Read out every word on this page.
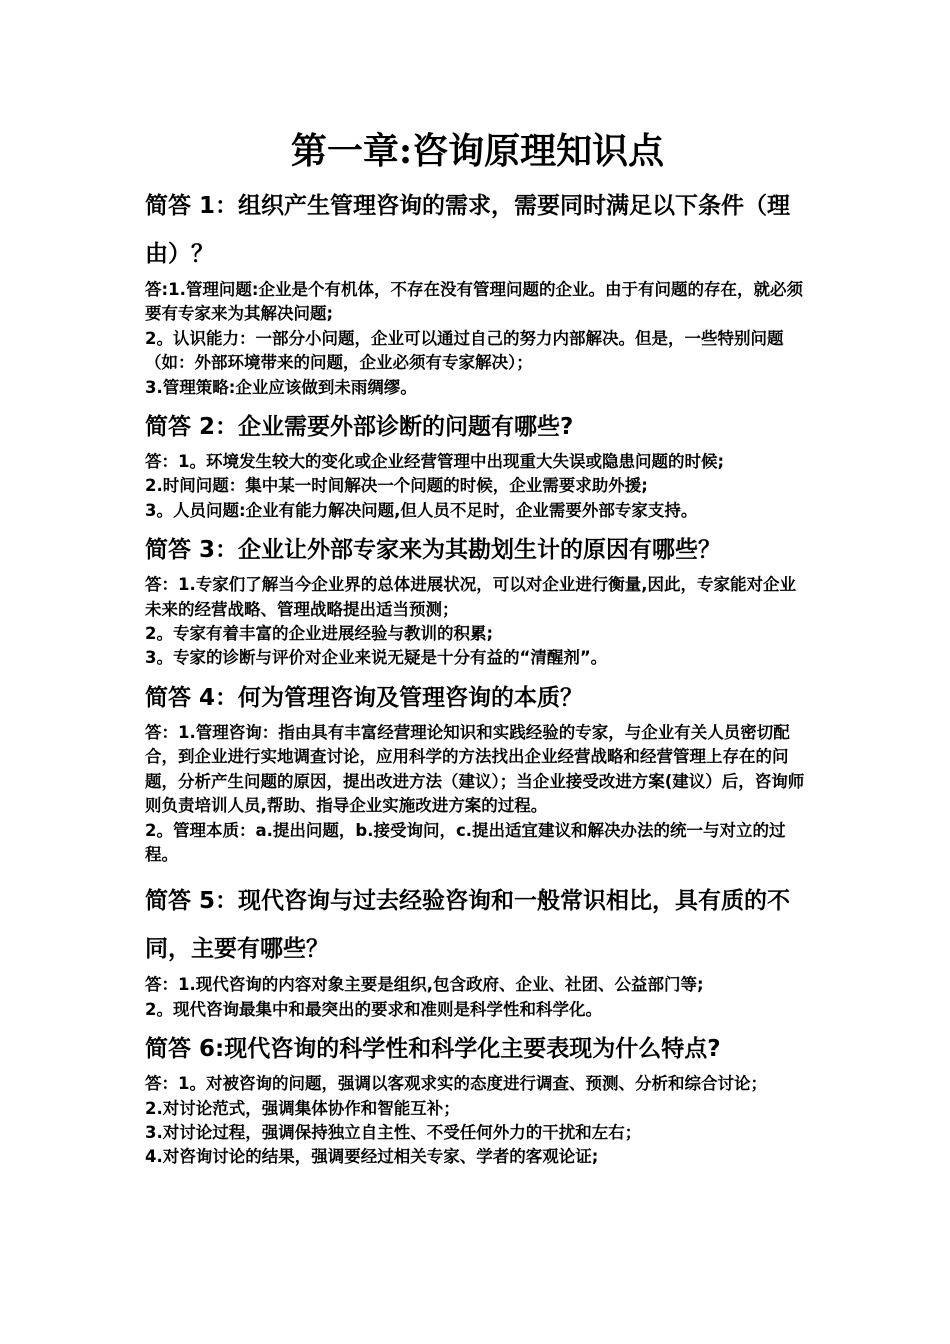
第一章:咨询原理知识点
简答 1：组织产生管理咨询的需求，需要同时满足以下条件（理由）？

答:1.管理问题:企业是个有机体，不存在没有管理问题的企业。由于有问题的存在，就必须要有专家来为其解决问题;

2。认识能力：一部分小问题，企业可以通过自己的努力内部解决。但是，一些特别问题（如：外部环境带来的问题，企业必须有专家解决）；

3.管理策略:企业应该做到未雨绸缪。

简答 2：企业需要外部诊断的问题有哪些?

答：1。环境发生较大的变化或企业经营管理中出现重大失误或隐患问题的时候;

2.时间问题：集中某一时间解决一个问题的时候，企业需要求助外援;

3。人员问题:企业有能力解决问题,但人员不足时，企业需要外部专家支持。

简答 3：企业让外部专家来为其勘划生计的原因有哪些？

答：1.专家们了解当今企业界的总体进展状况，可以对企业进行衡量,因此，专家能对企业未来的经营战略、管理战略提出适当预测；

2。专家有着丰富的企业进展经验与教训的积累;

3。专家的诊断与评价对企业来说无疑是十分有益的“清醒剂”。

简答 4：何为管理咨询及管理咨询的本质？

答：1.管理咨询：指由具有丰富经营理论知识和实践经验的专家，与企业有关人员密切配合，到企业进行实地调查讨论，应用科学的方法找出企业经营战略和经营管理上存在的问题，分析产生问题的原因，提出改进方法（建议）；当企业接受改进方案(建议）后，咨询师则负责培训人员,帮助、指导企业实施改进方案的过程。

2。管理本质：a.提出问题，b.接受询问，c.提出适宜建议和解决办法的统一与对立的过程。

简答 5：现代咨询与过去经验咨询和一般常识相比，具有质的不同，主要有哪些？

答：1.现代咨询的内容对象主要是组织,包含政府、企业、社团、公益部门等;

2。现代咨询最集中和最突出的要求和准则是科学性和科学化。

简答 6:现代咨询的科学性和科学化主要表现为什么特点?

答：1。对被咨询的问题，强调以客观求实的态度进行调查、预测、分析和综合讨论；

2.对讨论范式，强调集体协作和智能互补；

3.对讨论过程，强调保持独立自主性、不受任何外力的干扰和左右；

4.对咨询讨论的结果，强调要经过相关专家、学者的客观论证;
